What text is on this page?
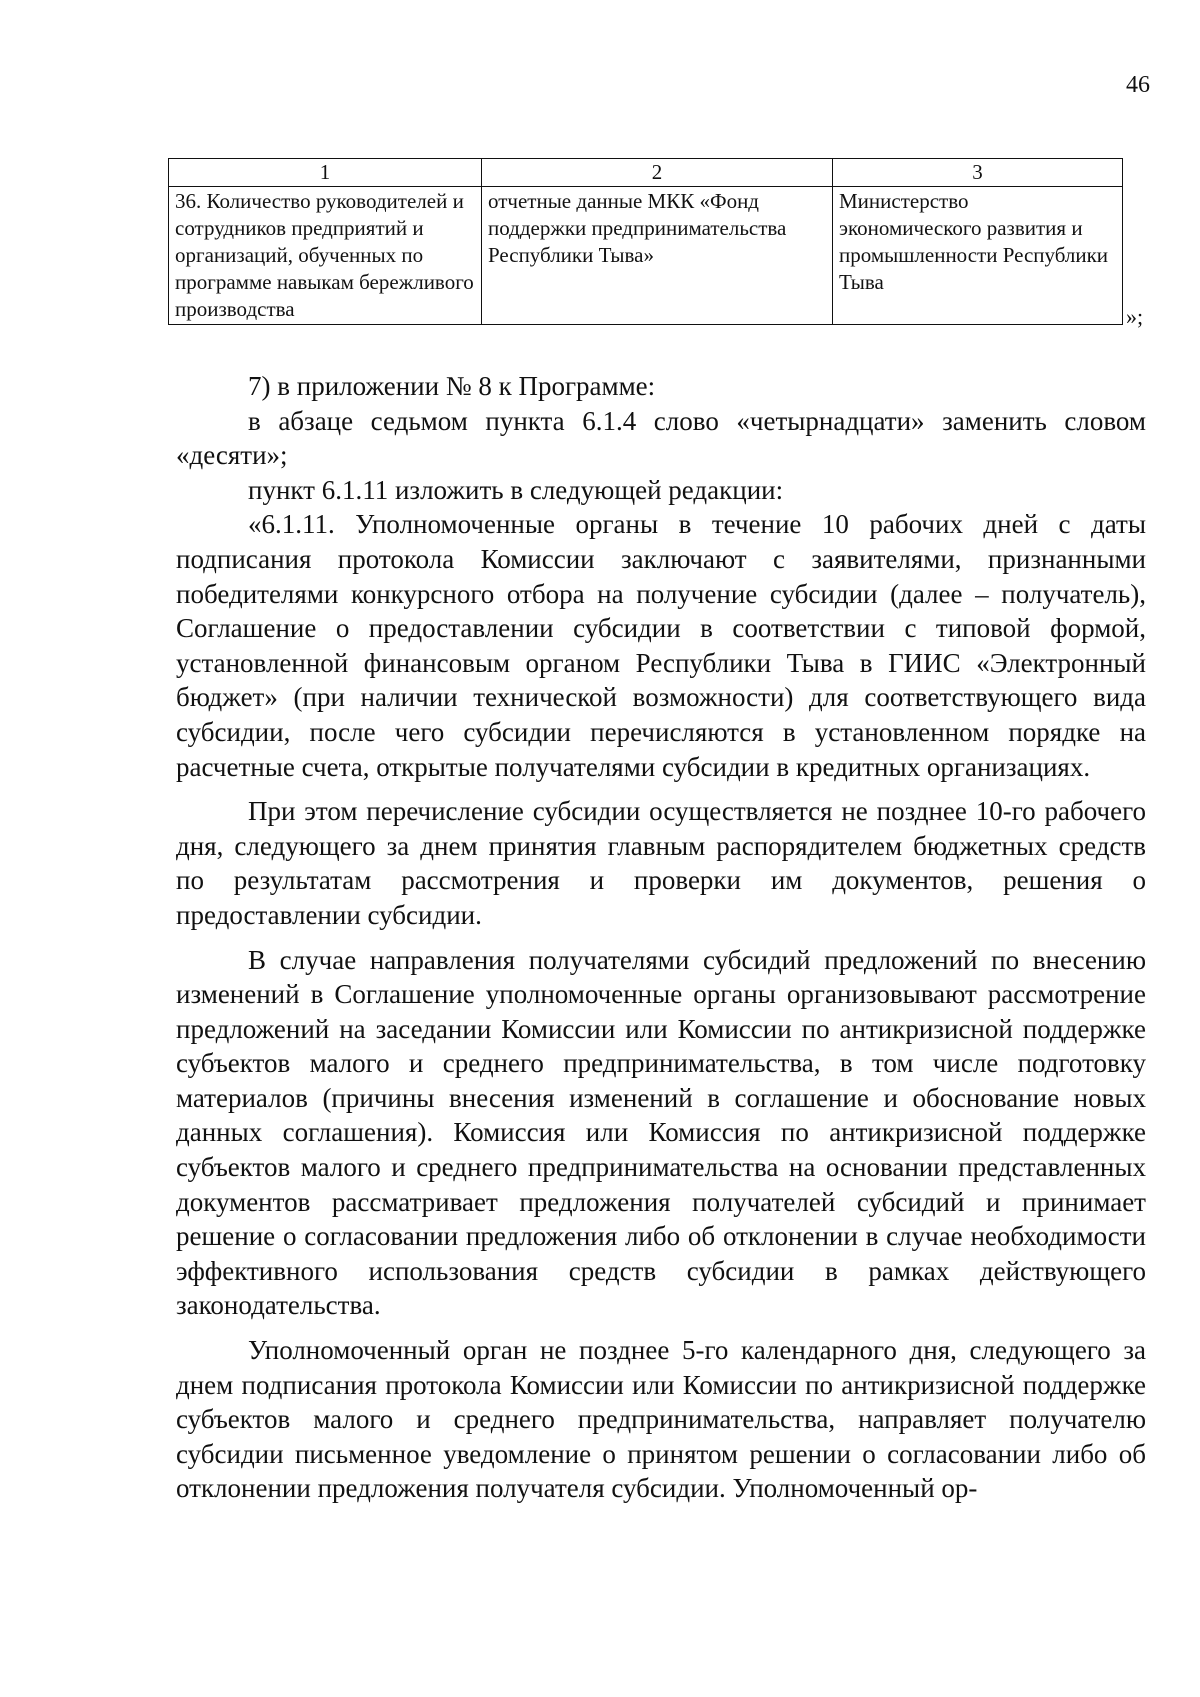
46
1	2	3
36. Количество руководителей и сотрудников предприятий и организаций, обученных по программе навыкам бережливого производства	отчетные данные МКК «Фонд поддержки предпринимательства Республики Тыва»	Министерство экономического развития и промышленности Республики Тыва
»;

7) в приложении № 8 к Программе:

в абзаце седьмом пункта 6.1.4 слово «четырнадцати» заменить словом «десяти»;

пункт 6.1.11 изложить в следующей редакции:

«6.1.11. Уполномоченные органы в течение 10 рабочих дней с даты подписания протокола Комиссии заключают с заявителями, признанными победителями конкурсного отбора на получение субсидии (далее – получатель), Соглашение о предоставлении субсидии в соответствии с типовой формой, установленной финансовым органом Республики Тыва в ГИИС «Электронный бюджет» (при наличии технической возможности) для соответствующего вида субсидии, после чего субсидии перечисляются в установленном порядке на расчетные счета, открытые получателями субсидии в кредитных организациях.

При этом перечисление субсидии осуществляется не позднее 10-го рабочего дня, следующего за днем принятия главным распорядителем бюджетных средств по результатам рассмотрения и проверки им документов, решения о предоставлении субсидии.

В случае направления получателями субсидий предложений по внесению изменений в Соглашение уполномоченные органы организовывают рассмотрение предложений на заседании Комиссии или Комиссии по антикризисной поддержке субъектов малого и среднего предпринимательства, в том числе подготовку материалов (причины внесения изменений в соглашение и обоснование новых данных соглашения). Комиссия или Комиссия по антикризисной поддержке субъектов малого и среднего предпринимательства на основании представленных документов рассматривает предложения получателей субсидий и принимает решение о согласовании предложения либо об отклонении в случае необходимости эффективного использования средств субсидии в рамках действующего законодательства.

Уполномоченный орган не позднее 5-го календарного дня, следующего за днем подписания протокола Комиссии или Комиссии по антикризисной поддержке субъектов малого и среднего предпринимательства, направляет получателю субсидии письменное уведомление о принятом решении о согласовании либо об отклонении предложения получателя субсидии. Уполномоченный ор-
